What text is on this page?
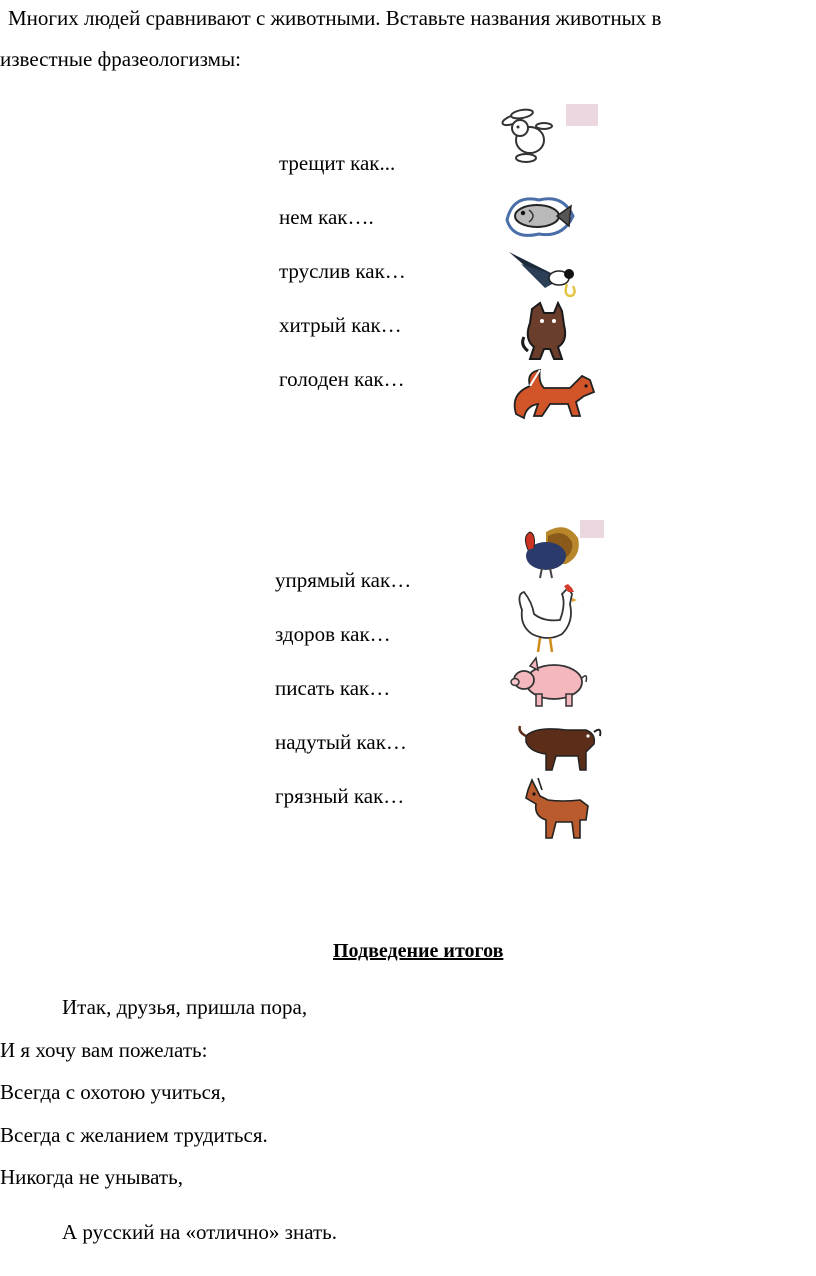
Многих людей сравнивают с животными. Вставьте названия животных в
известные фразеологизмы:
трещит как...
нем как….
труслив как…
хитрый как…
голоден как…
упрямый как…
здоров как…
писать как…
надутый как…
грязный как…
Подведение итогов
Итак, друзья, пришла пора,
И я хочу вам пожелать:
Всегда с охотою учиться,
Всегда с желанием трудиться.
Никогда не унывать,
А русский на «отлично» знать.
